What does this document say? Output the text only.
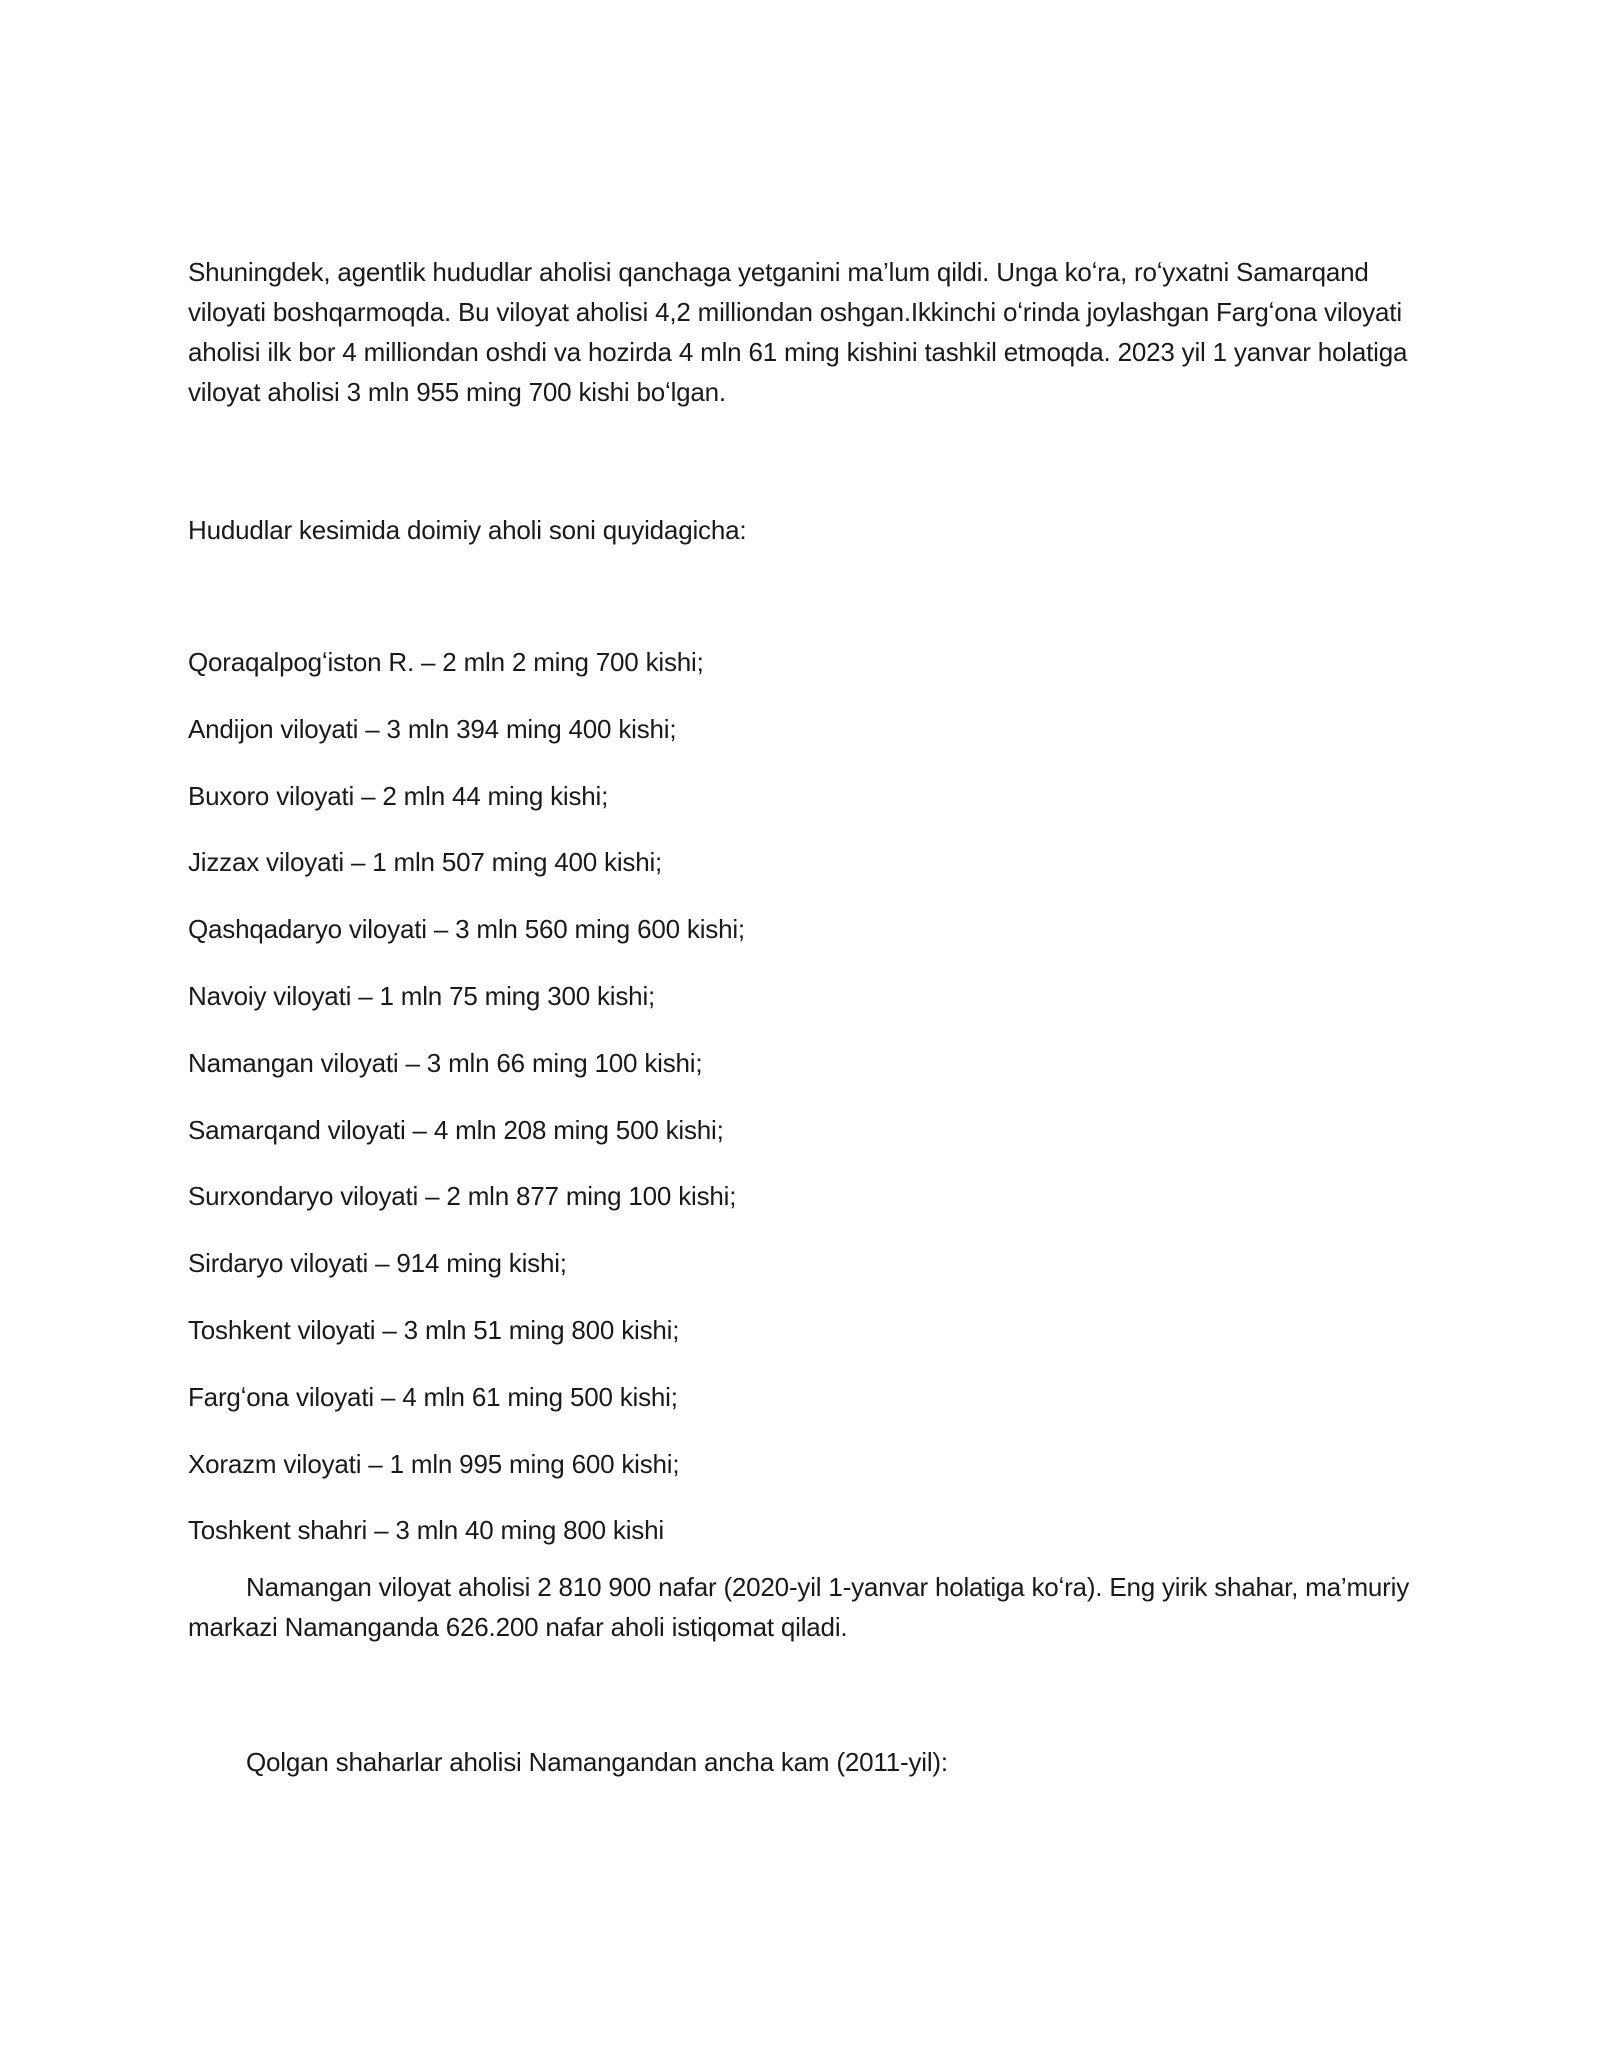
Shuningdek, agentlik hududlar aholisi qanchaga yetganini ma’lum qildi. Unga koʻra, roʻyxatni Samarqand viloyati boshqarmoqda. Bu viloyat aholisi 4,2 milliondan oshgan.Ikkinchi oʻrinda joylashgan Fargʻona viloyati aholisi ilk bor 4 milliondan oshdi va hozirda 4 mln 61 ming kishini tashkil etmoqda. 2023 yil 1 yanvar holatiga viloyat aholisi 3 mln 955 ming 700 kishi boʻlgan.

Hududlar kesimida doimiy aholi soni quyidagicha:

Qoraqalpogʻiston R. – 2 mln 2 ming 700 kishi;
Andijon viloyati – 3 mln 394 ming 400 kishi;
Buxoro viloyati – 2 mln 44 ming kishi;
Jizzax viloyati – 1 mln 507 ming 400 kishi;
Qashqadaryo viloyati – 3 mln 560 ming 600 kishi;
Navoiy viloyati – 1 mln 75 ming 300 kishi;
Namangan viloyati – 3 mln 66 ming 100 kishi;
Samarqand viloyati – 4 mln 208 ming 500 kishi;
Surxondaryo viloyati – 2 mln 877 ming 100 kishi;
Sirdaryo viloyati – 914 ming kishi;
Toshkent viloyati – 3 mln 51 ming 800 kishi;
Fargʻona viloyati – 4 mln 61 ming 500 kishi;
Xorazm viloyati – 1 mln 995 ming 600 kishi;
Toshkent shahri – 3 mln 40 ming 800 kishi

Namangan viloyat aholisi 2 810 900 nafar (2020-yil 1-yanvar holatiga koʻra). Eng yirik shahar, ma’muriy markazi Namanganda 626.200 nafar aholi istiqomat qiladi.

Qolgan shaharlar aholisi Namangandan ancha kam (2011-yil):
